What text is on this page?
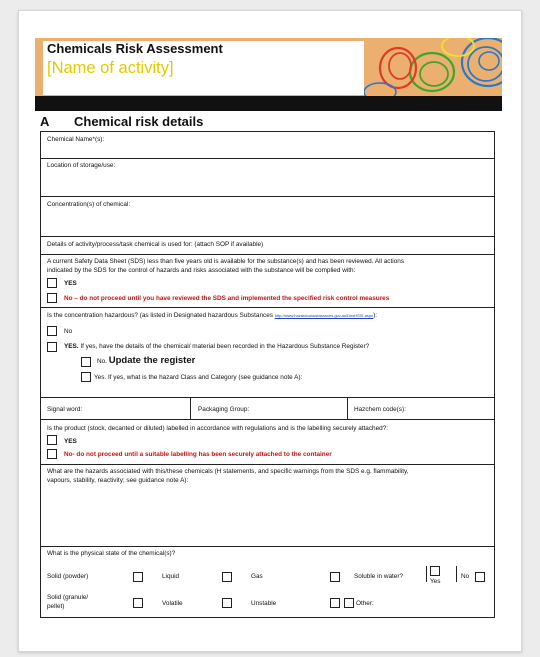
Chemicals Risk Assessment
[Name of activity]
A Chemical risk details
Chemical Name*(s):
Location of storage/use:
Concentration(s) of chemical:
Details of activity/process/task chemical is used for: (attach SOP if available)
A current Safety Data Sheet (SDS) less than five years old is available for the substance(s) and has been reviewed. All actions
indicated by the SDS for the control of hazards and risks associated with the substance will be complied with:
YES
No – do not proceed until you have reviewed the SDS and implemented the specified risk control measures
Is the concentration hazardous? (as listed in Designated hazardous Substances http://www.hazardoussubstances.gov.au/DesHSIS.aspx):
No
YES. If yes, have the details of the chemical/ material been recorded in the Hazardous Substance Register?
No. Update the register
Yes. If yes, what is the hazard Class and Category (see guidance note A):
Signal word:	Packaging Group:	Hazchem code(s):
Is the product (stock, decanted or diluted) labelled in accordance with regulations and is the labelling securely attached?:
YES
No- do not proceed until a suitable labelling has been securely attached to the container
What are the hazards associated with this/these chemicals (H statements, and specific warnings from the SDS e.g. flammability,
vapours, stability, reactivity; see guidance note A):
What is the physical state of the chemical(s)?
Solid (powder)	Liquid	Gas	Soluble in water?
Yes
No
Solid (granule/
pellet)	Volatile	Unstable	Other:
